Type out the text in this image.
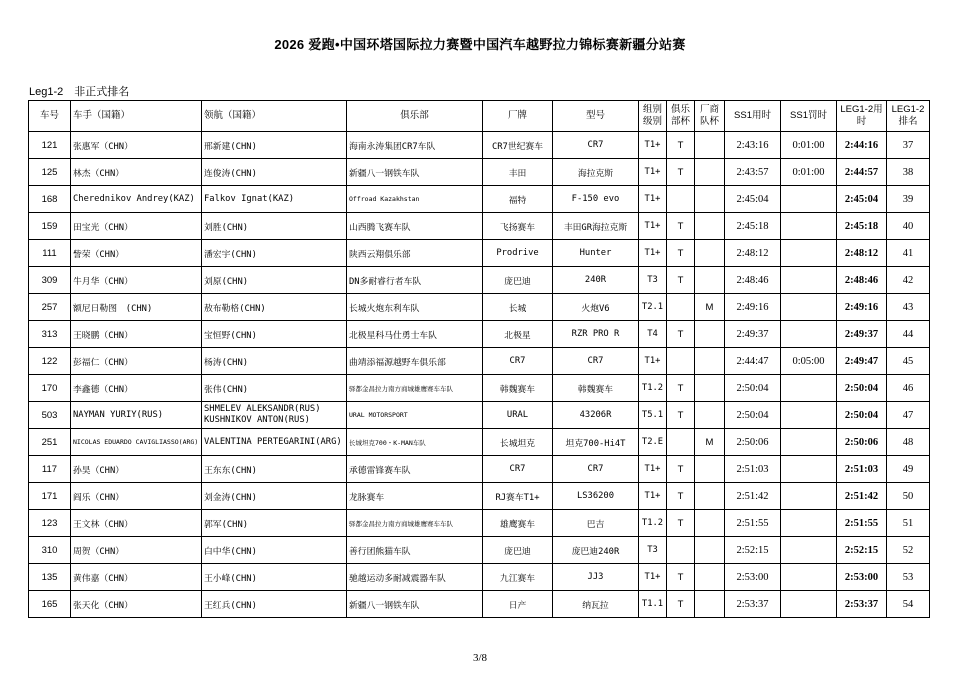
2026 爱跑•中国环塔国际拉力赛暨中国汽车越野拉力锦标赛新疆分站赛
Leg1-2　非正式排名
车号	车手（国籍）	领航（国籍）	俱乐部	厂牌	型号	组别级别	俱乐部杯	厂商队杯	SS1用时	SS1罚时	LEG1-2用时	LEG1-2排名
121	张惠军（CHN）	邢新建(CHN)	海南永涛集团CR7车队	CR7世纪赛车	CR7	T1+	T		2:43:16	0:01:00	2:44:16	37
125	林杰（CHN）	连俊涛(CHN)	新疆八一钢铁车队	丰田	海拉克斯	T1+	T		2:43:57	0:01:00	2:44:57	38
168	Cherednikov Andrey(KAZ)	Falkov Ignat(KAZ)	Offroad Kazakhstan	福特	F-150 evo	T1+			2:45:04		2:45:04	39
159	田宝光（CHN）	刘胜(CHN)	山西腾飞赛车队	飞扬赛车	丰田GR海拉克斯	T1+	T		2:45:18		2:45:18	40
111	訾荣（CHN）	潘宏宇(CHN)	陕西云翔俱乐部	Prodrive	Hunter	T1+	T		2:48:12		2:48:12	41
309	牛月华（CHN）	刘原(CHN)	DN多耐睿行者车队	庞巴迪	240R	T3	T		2:48:46		2:48:46	42
257	额尼日勒图　(CHN)	敖布勒格(CHN)	长城火炮东利车队	长城	火炮V6	T2.1		M	2:49:16		2:49:16	43
313	王晓鹏（CHN）	宝恒野(CHN)	北极星科马仕勇士车队	北极星	RZR PRO R	T4	T		2:49:37		2:49:37	44
122	彭福仁（CHN）	杨涛(CHN)	曲靖添福源越野车俱乐部	CR7	CR7	T1+			2:44:47	0:05:00	2:49:47	45
170	李鑫德（CHN）	张伟(CHN)	驿都金昌拉力南方商城雄鹰赛车车队	韩魏赛车	韩魏赛车	T1.2	T		2:50:04		2:50:04	46
503	NAYMAN YURIY(RUS)	SHMELEV ALEKSANDR(RUS)
KUSHNIKOV ANTON(RUS)	URAL MOTORSPORT	URAL	43206R	T5.1	T		2:50:04		2:50:04	47
251	NICOLAS EDUARDO CAVIGLIASSO(ARG)	VALENTINA PERTEGARINI(ARG)	长城坦克700・K-MAN车队	长城坦克	坦克700-Hi4T	T2.E		M	2:50:06		2:50:06	48
117	孙昊（CHN）	王东东(CHN)	承德雷锋赛车队	CR7	CR7	T1+	T		2:51:03		2:51:03	49
171	阎乐（CHN）	刘金涛(CHN)	龙脉赛车	RJ赛车T1+	LS36200	T1+	T		2:51:42		2:51:42	50
123	王文林（CHN）	郭军(CHN)	驿都金昌拉力南方商城雄鹰赛车车队	雄鹰赛车	巴吉	T1.2	T		2:51:55		2:51:55	51
310	周贺（CHN）	白中华(CHN)	善行团熊猫车队	庞巴迪	庞巴迪240R	T3			2:52:15		2:52:15	52
135	黄伟嘉（CHN）	王小峰(CHN)	驰越运动多耐减震器车队	九江赛车	JJ3	T1+	T		2:53:00		2:53:00	53
165	张天化（CHN）	王红兵(CHN)	新疆八一钢铁车队	日产	纳瓦拉	T1.1	T		2:53:37		2:53:37	54
3/8
